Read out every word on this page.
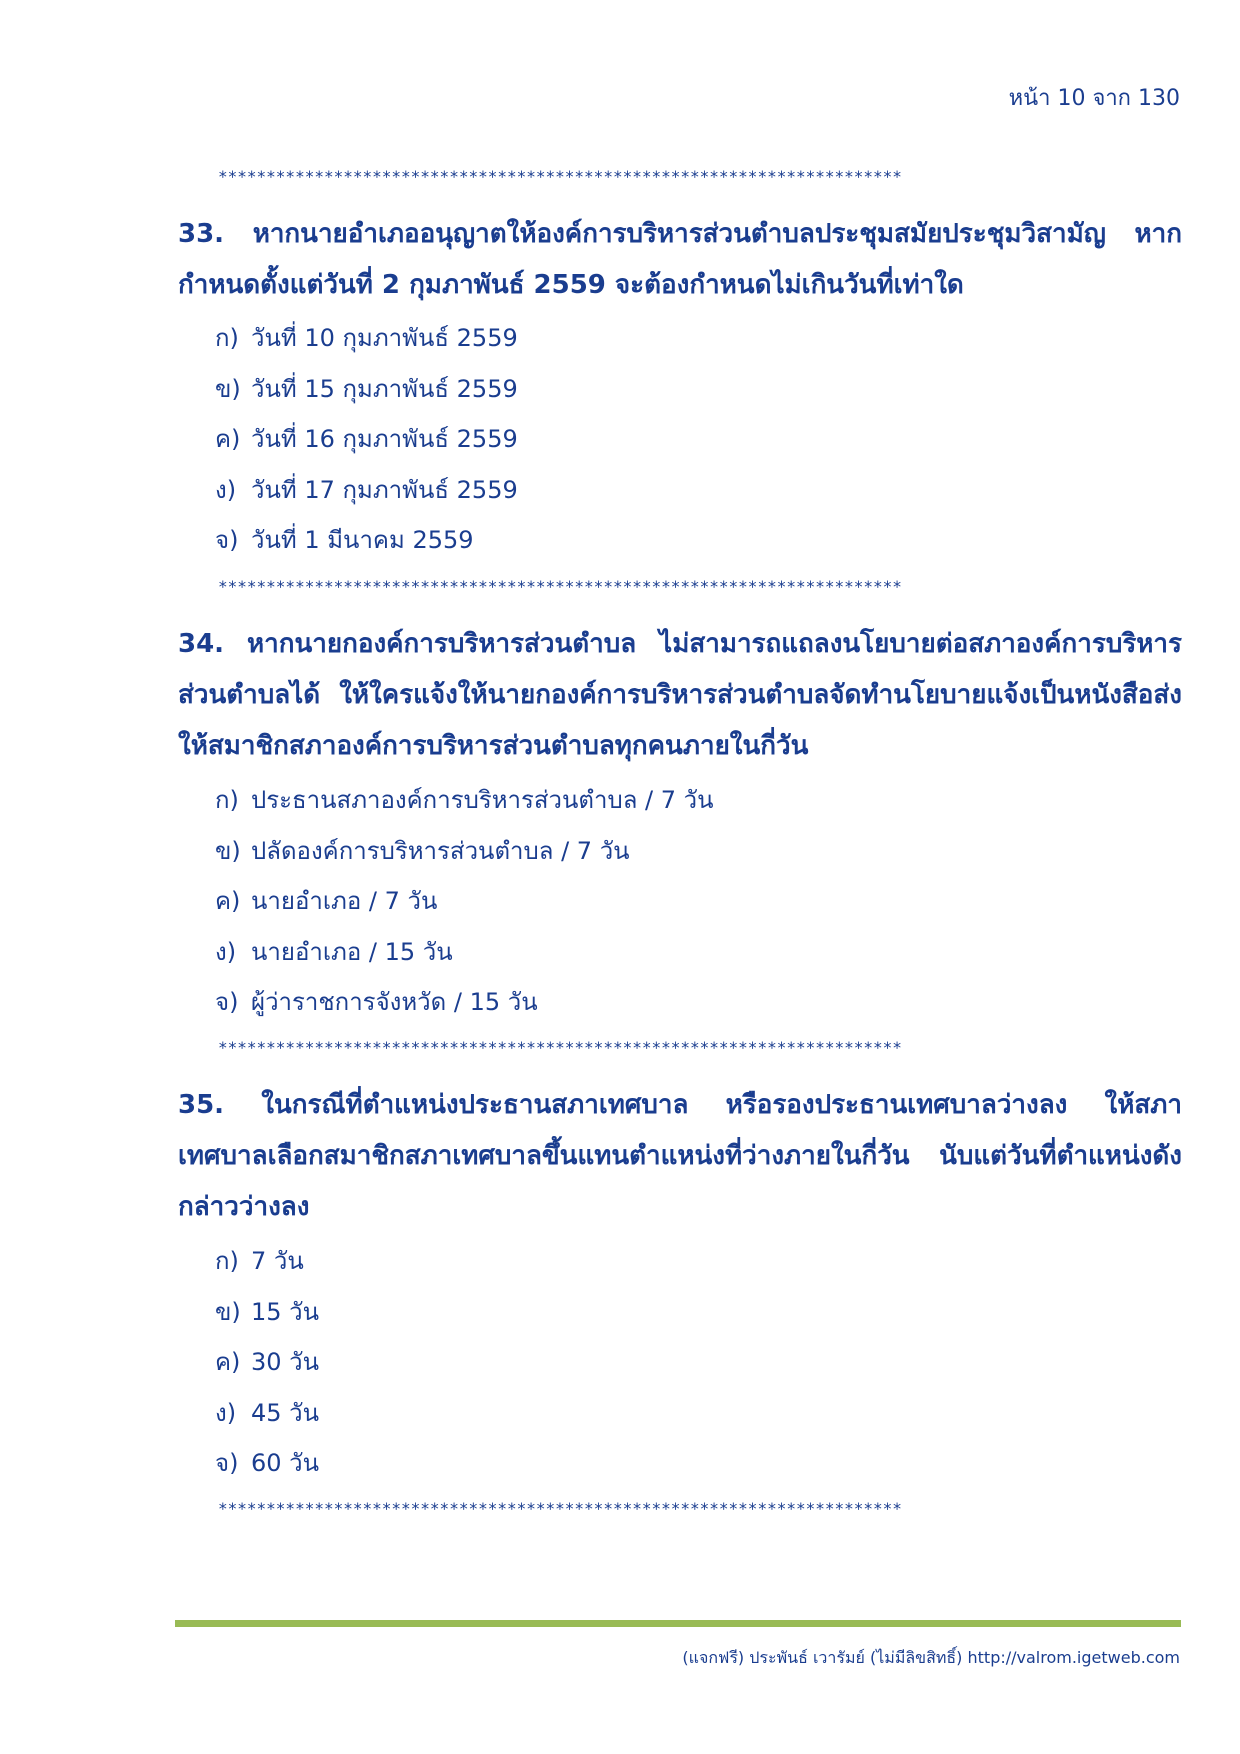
หน้า 10 จาก 130
***********************************************************************
33. หากนายอำเภออนุญาตให้องค์การบริหารส่วนตำบลประชุมสมัยประชุมวิสามัญ หากกำหนดตั้งแต่วันที่ 2 กุมภาพันธ์ 2559 จะต้องกำหนดไม่เกินวันที่เท่าใด
ก) วันที่ 10 กุมภาพันธ์ 2559
ข) วันที่ 15 กุมภาพันธ์ 2559
ค) วันที่ 16 กุมภาพันธ์ 2559
ง) วันที่ 17 กุมภาพันธ์ 2559
จ) วันที่ 1 มีนาคม 2559
***********************************************************************
34. หากนายกองค์การบริหารส่วนตำบล ไม่สามารถแถลงนโยบายต่อสภาองค์การบริหารส่วนตำบลได้ ให้ใครแจ้งให้นายกองค์การบริหารส่วนตำบลจัดทำนโยบายแจ้งเป็นหนังสือส่งให้สมาชิกสภาองค์การบริหารส่วนตำบลทุกคนภายในกี่วัน
ก) ประธานสภาองค์การบริหารส่วนตำบล / 7 วัน
ข) ปลัดองค์การบริหารส่วนตำบล / 7 วัน
ค) นายอำเภอ / 7 วัน
ง) นายอำเภอ / 15 วัน
จ) ผู้ว่าราชการจังหวัด / 15 วัน
***********************************************************************
35. ในกรณีที่ตำแหน่งประธานสภาเทศบาล หรือรองประธานเทศบาลว่างลง ให้สภาเทศบาลเลือกสมาชิกสภาเทศบาลขึ้นแทนตำแหน่งที่ว่างภายในกี่วัน นับแต่วันที่ตำแหน่งดังกล่าวว่างลง
ก) 7 วัน
ข) 15 วัน
ค) 30 วัน
ง) 45 วัน
จ) 60 วัน
***********************************************************************
(แจกฟรี) ประพันธ์ เวารัมย์ (ไม่มีลิขสิทธิ์) http://valrom.igetweb.com
